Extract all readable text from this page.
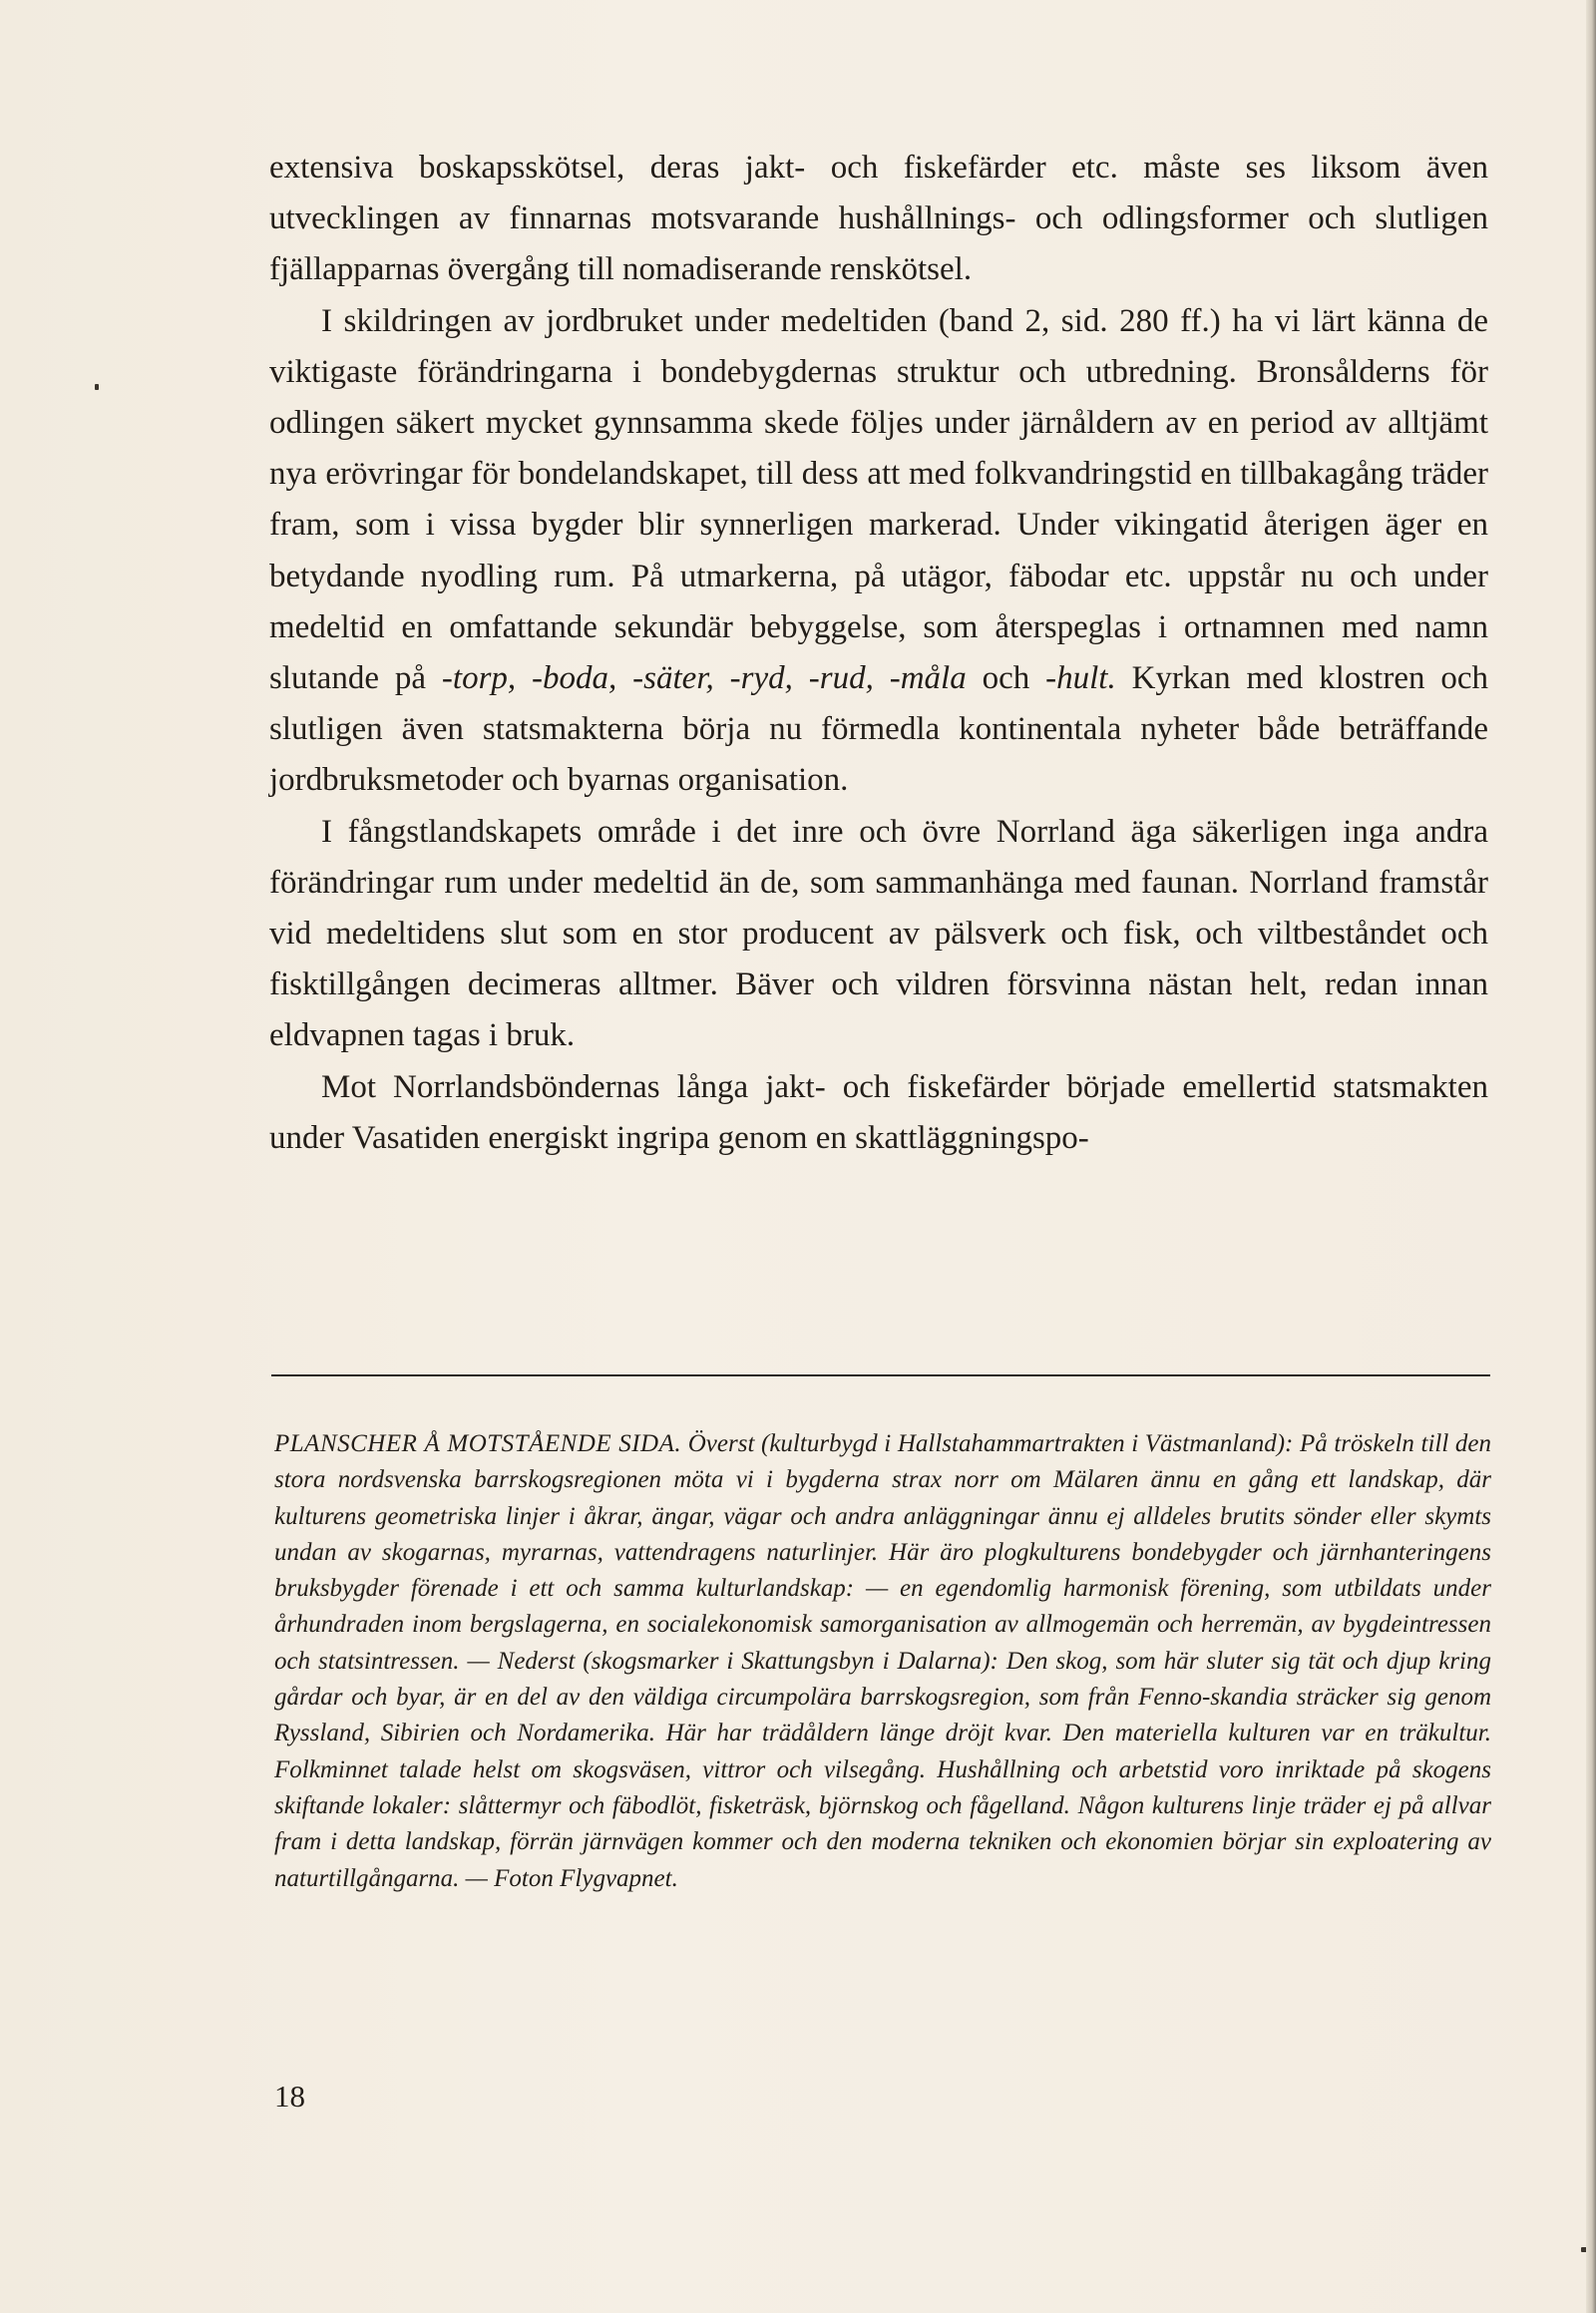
extensiva boskapsskötsel, deras jakt- och fiskefärder etc. måste ses liksom även utvecklingen av finnarnas motsvarande hushållnings- och odlingsformer och slutligen fjällapparnas övergång till nomadiserande renskötsel.

I skildringen av jordbruket under medeltiden (band 2, sid. 280 ff.) ha vi lärt känna de viktigaste förändringarna i bondebygdernas struktur och utbredning. Bronsålderns för odlingen säkert mycket gynnsamma skede följes under järnåldern av en period av alltjämt nya erövringar för bondelandskapet, till dess att med folkvandringstid en tillbakagång träder fram, som i vissa bygder blir synnerligen markerad. Under vikingatid återigen äger en betydande nyodling rum. På utmarkerna, på utägor, fäbodar etc. uppstår nu och under medeltid en omfattande sekundär bebyggelse, som återspeglas i ortnamnen med namn slutande på -torp, -boda, -säter, -ryd, -rud, -måla och -hult. Kyrkan med klostren och slutligen även statsmakterna börja nu förmedla kontinentala nyheter både beträffande jordbruksmetoder och byarnas organisation.

I fångstlandskapets område i det inre och övre Norrland äga säkerligen inga andra förändringar rum under medeltid än de, som sammanhänga med faunan. Norrland framstår vid medeltidens slut som en stor producent av pälsverk och fisk, och viltbeståndet och fisktillgången decimeras alltmer. Bäver och vildren försvinna nästan helt, redan innan eldvapnen tagas i bruk.

Mot Norrlandsböndernas långa jakt- och fiskefärder började emellertid statsmakten under Vasatiden energiskt ingripa genom en skattläggningspo-

PLANSCHER Å MOTSTÅENDE SIDA. Överst (kulturbygd i Hallstahammartrakten i Västmanland): På tröskeln till den stora nordsvenska barrskogsregionen möta vi i bygderna strax norr om Mälaren ännu en gång ett landskap, där kulturens geometriska linjer i åkrar, ängar, vägar och andra anläggningar ännu ej alldeles brutits sönder eller skymts undan av skogarnas, myrarnas, vattendragens naturlinjer. Här äro plogkulturens bondebygder och järnhanteringens bruksbygder förenade i ett och samma kulturlandskap: — en egendomlig harmonisk förening, som utbildats under århundraden inom bergslagerna, en socialekonomisk samorganisation av allmogemän och herremän, av bygdeintressen och statsintressen. — Nederst (skogsmarker i Skattungsbyn i Dalarna): Den skog, som här sluter sig tät och djup kring gårdar och byar, är en del av den väldiga circumpolära barrskogsregion, som från Fenno-skandia sträcker sig genom Ryssland, Sibirien och Nordamerika. Här har trädåldern länge dröjt kvar. Den materiella kulturen var en träkultur. Folkminnet talade helst om skogsväsen, vittror och vilsegång. Hushållning och arbetstid voro inriktade på skogens skiftande lokaler: slåttermyr och fäbodlöt, fisketräsk, björnskog och fågelland. Någon kulturens linje träder ej på allvar fram i detta landskap, förrän järnvägen kommer och den moderna tekniken och ekonomien börjar sin exploatering av naturtillgångarna. — Foton Flygvapnet.

18
